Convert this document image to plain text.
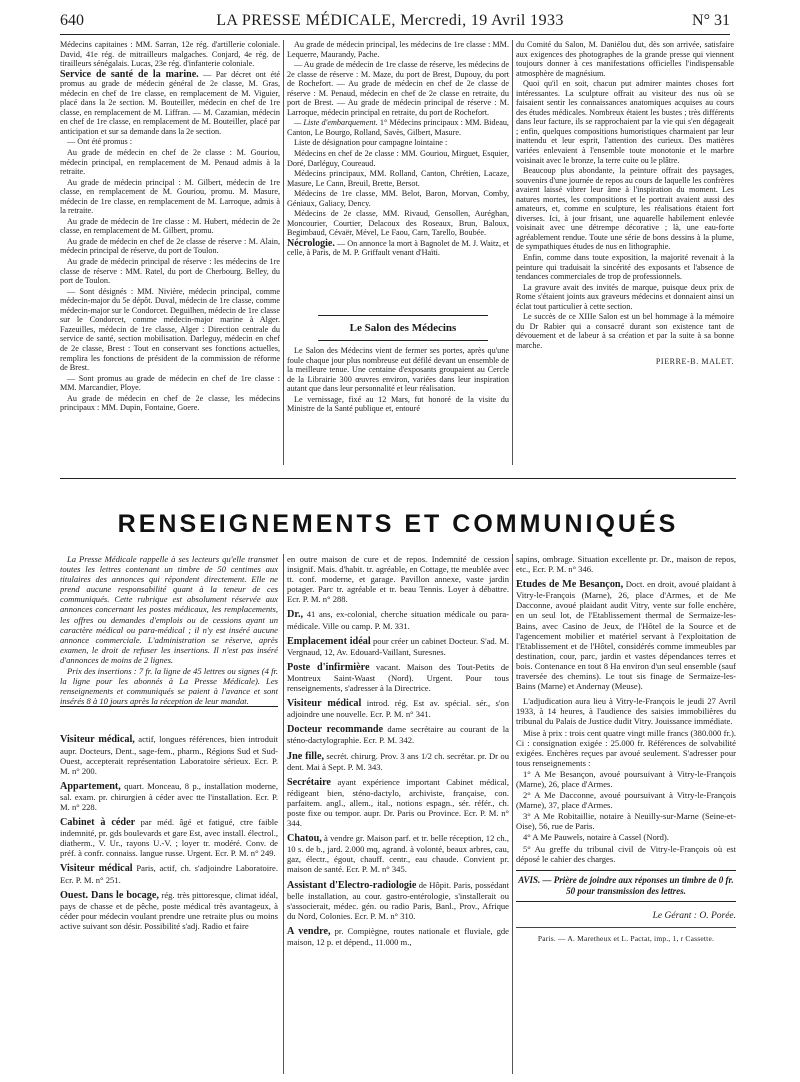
640	LA PRESSE MÉDICALE, Mercredi, 19 Avril 1933	N° 31

Médecins capitaines : MM. Sarran, 12e rég. d'artillerie coloniale. David, 41e rég. de mitrailleurs malgaches. Conjard, 4e rég. de tirailleurs sénégalais. Lucas, 23e rég. d'infanterie coloniale.

Service de santé de la marine. — Par décret ont été promus au grade de médecin général de 2e classe, M. Gras, médecin en chef de 1re classe, en remplacement de M. Viguier, placé dans la 2e section. M. Bouteiller, médecin en chef de 1re classe, en remplacement de M. Liffran. — M. Cazamian, médecin en chef de 1re classe, en remplacement de M. Bouteiller, placé par anticipation et sur sa demande dans la 2e section.

— Ont été promus :

Au grade de médecin en chef de 2e classe : M. Gouriou, médecin principal, en remplacement de M. Penaud admis à la retraite.

Au grade de médecin principal : M. Gilbert, médecin de 1re classe, en remplacement de M. Gouriou, promu. M. Masure, médecin de 1re classe, en remplacement de M. Larroque, admis à la retraite.

Au grade de médecin de 1re classe : M. Hubert, médecin de 2e classe, en remplacement de M. Gilbert, promu.

Au grade de médecin en chef de 2e classe de réserve : M. Alain, médecin principal de réserve, du port de Toulon.

Au grade de médecin principal de réserve : les médecins de 1re classe de réserve : MM. Ratel, du port de Cherbourg. Belley, du port de Toulon.

— Sont désignés : MM. Nivière, médecin principal, comme médecin-major du 5e dépôt. Duval, médecin de 1re classe, comme médecin-major sur le Condorcet. Deguilhen, médecin de 1re classe sur le Condorcet, comme médecin-major marine à Alger. Fazeuilles, médecin de 1re classe, Alger : Direction centrale du service de santé, section mobilisation. Darleguy, médecin en chef de 2e classe, Brest : Tout en conservant ses fonctions actuelles, remplira les fonctions de président de la commission de réforme de Brest.

— Sont promus au grade de médecin en chef de 1re classe : MM. Marcandier, Ploye.

Au grade de médecin en chef de 2e classe, les médecins principaux : MM. Dupin, Fontaine, Goere.

Au grade de médecin principal, les médecins de 1re classe : MM. Lequerre, Maurandy, Pache.

— Au grade de médecin de 1re classe de réserve, les médecins de 2e classe de réserve : M. Maze, du port de Brest, Dupouy, du port de Rochefort. — Au grade de médecin en chef de 2e classe de réserve : M. Penaud, médecin en chef de 2e classe en retraite, du port de Brest. — Au grade de médecin principal de réserve : M. Larroque, médecin principal en retraite, du port de Rochefort.

— Liste d'embarquement. 1° Médecins principaux : MM. Bideau, Canton, Le Bourgo, Rolland, Savès, Gilbert, Masure.

Liste de désignation pour campagne lointaine :

Médecins en chef de 2e classe : MM. Gouriou, Mirguet, Esquier, Doré, Darléguy, Coureaud.

Médecins principaux, MM. Rolland, Canton, Chrétien, Lacaze, Masure, Le Cann, Breuil, Brette, Bersot.

Médecins de 1re classe, MM. Belot, Baron, Morvan, Comby, Géniaux, Galiacy, Dency.

Médecins de 2e classe, MM. Rivaud, Gensollen, Auréghan, Moncourier, Courtier, Delacoux des Roseaux, Brun, Baloux, Begimbaud, Cévaër, Mével, Le Faou, Carn, Tarello, Boubée.

Nécrologie. — On annonce la mort à Bagnolet de M. J. Waitz, et celle, à Paris, de M. P. Griffault venant d'Haïti.

Le Salon des Médecins

Le Salon des Médecins vient de fermer ses portes, après qu'une foule chaque jour plus nombreuse eut défilé devant un ensemble de la meilleure tenue. Une centaine d'exposants groupaient au Cercle de la Librairie 300 œuvres environ, variées dans leur inspiration autant que dans leur personnalité et leur réalisation.

Le vernissage, fixé au 12 Mars, fut honoré de la visite du Ministre de la Santé publique et, entouré

du Comité du Salon, M. Daniélou dut, dès son arrivée, satisfaire aux exigences des photographes de la grande presse qui viennent toujours donner à ces manifestations officielles l'indispensable atmosphère de magnésium.

Quoi qu'il en soit, chacun put admirer maintes choses fort intéressantes. La sculpture offrait au visiteur des nus où se faisaient sentir les connaissances anatomiques acquises au cours des études médicales. Nombreux étaient les bustes ; très différents dans leur facture, ils se rapprochaient par la vie qui s'en dégageait ; enfin, quelques compositions humoristiques charmaient par leur inattendu et leur esprit, l'attention des curieux. Des matières variées enlevaient à l'ensemble toute monotonie et le marbre voisinait avec le bronze, la terre cuite ou le plâtre.

Beaucoup plus abondante, la peinture offrait des paysages, souvenirs d'une journée de repos au cours de laquelle les confrères avaient laissé vibrer leur âme à l'inspiration du moment. Les natures mortes, les compositions et le portrait avaient aussi des amateurs, et, comme en sculpture, les réalisations étaient fort diverses. Ici, à jour frisant, une aquarelle habilement enlevée voisinait avec une détrempe décorative ; là, une eau-forte agréablement rendue. Toute une série de bons dessins à la plume, de sympathiques études de nus en lithographie.

Enfin, comme dans toute exposition, la majorité revenait à la peinture qui traduisait la sincérité des exposants et l'absence de tendances commerciales de trop de professionnels.

La gravure avait des invités de marque, puisque deux prix de Rome s'étaient joints aux graveurs médecins et donnaient ainsi un éclat tout particulier à cette section.

Le succès de ce XIIIe Salon est un bel hommage à la mémoire du Dr Rabier qui a consacré durant son existence tant de dévouement et de labeur à sa création et par la suite à sa bonne marche.

PIERRE-B. MALET.
RENSEIGNEMENTS ET COMMUNIQUÉS

La Presse Médicale rappelle à ses lecteurs qu'elle transmet toutes les lettres contenant un timbre de 50 centimes aux titulaires des annonces qui répondent directement. Elle ne prend aucune responsabilité quant à la teneur de ces communiqués. Cette rubrique est absolument réservée aux annonces concernant les postes médicaux, les remplacements, les offres ou demandes d'emplois ou de cessions ayant un caractère médical ou para-médical ; il n'y est inséré aucune annonce commerciale. L'administration se réserve, après examen, le droit de refuser les insertions. Il n'est pas inséré d'annonces de moins de 2 lignes.

Prix des insertions : 7 fr. la ligne de 45 lettres ou signes (4 fr. la ligne pour les abonnés à La Presse Médicale). Les renseignements et communiqués se paient à l'avance et sont insérés 8 à 10 jours après la réception de leur mandat.

Visiteur médical, actif, longues références, bien introduit aupr. Docteurs, Dent., sage-fem., pharm., Régions Sud et Sud-Ouest, accepterait représentation Laboratoire sérieux. Ecr. P. M. n° 200.

Appartement, quart. Monceau, 8 p., installation moderne, sal. exam. pr. chirurgien à céder avec tte l'installation. Ecr. P. M. n° 228.

Cabinet à céder par méd. âgé et fatigué, ctre faible indemnité, pr. gds boulevards et gare Est, avec install. électrol., diatherm., V. Ur., rayons U.-V. ; loyer tr. modéré. Conv. de préf. à confr. connaiss. langue russe. Urgent. Ecr. P. M. n° 249.

Visiteur médical Paris, actif, ch. s'adjoindre Laboratoire. Ecr. P. M. n° 251.

Ouest. Dans le bocage, rég. très pittoresque, climat idéal, pays de chasse et de pêche, poste médical très avantageux, à céder pour médecin voulant prendre une retraite plus ou moins active suivant son désir. Possibilité s'adj. Radio et faire

en outre maison de cure et de repos. Indemnité de cession insignif. Mais. d'habit. tr. agréable, en Cottage, tte meublée avec tt. conf. moderne, et garage. Pavillon annexe, vaste jardin potager. Parc tr. agréable et tr. beau Tennis. Loyer à débattre. Ecr. P. M. n° 288.

Dr., 41 ans, ex-colonial, cherche situation médicale ou para-médicale. Ville ou camp. P. M. 331.

Emplacement idéal pour créer un cabinet Docteur. S'ad. M. Vergnaud, 12, Av. Edouard-Vaillant, Suresnes.

Poste d'infirmière vacant. Maison des Tout-Petits de Montreux Saint-Waast (Nord). Urgent. Pour tous renseignements, s'adresser à la Directrice.

Visiteur médical introd. rég. Est av. spécial. sér., s'on adjoindre une nouvelle. Ecr. P. M. n° 341.

Docteur recommande dame secrétaire au courant de la sténo-dactylographie. Ecr. P. M. 342.

Jne fille, secrét. chirurg. Prov. 3 ans 1/2 ch. secrétar. pr. Dr ou dent. Mai à Sept. P. M. 343.

Secrétaire ayant expérience important Cabinet médical, rédigeant bien, sténo-dactylo, archiviste, française, con. parfaitem. angl., allem., ital., notions espagn., sér. référ., ch. poste fixe ou tempor. aupr. Dr. Paris ou Province. Ecr. P. M. n° 344.

Chatou, à vendre gr. Maison parf. et tr. belle réception, 12 ch., 10 s. de b., jard. 2.000 mq, agrand. à volonté, beaux arbres, cau, gaz, électr., égout, chauff. centr., eau chaude. Convient pr. maison de santé. Ecr. P. M. n° 345.

Assistant d'Electro-radiologie de Hôpit. Paris, possédant belle installation, au cour. gastro-entérologie, s'installerait ou s'associerait, médec. gén. ou radio Paris, Banl., Prov., Afrique du Nord, Colonies. Ecr. P. M. n° 310.

A vendre, pr. Compiègne, routes nationale et fluviale, gde maison, 12 p. et dépend., 11.000 m.,

sapins, ombrage. Situation excellente pr. Dr., maison de repos, etc., Ecr. P. M. n° 346.

Etudes de Me Besançon, Doct. en droit, avoué plaidant à Vitry-le-François (Marne), 26, place d'Armes, et de Me Dacconne, avoué plaidant audit Vitry, vente sur folle enchère, en un seul lot, de l'Etablissement thermal de Sermaize-les-Bains, avec Casino de Jeux, de l'Hôtel de la Source et de l'agencement mobilier et matériel servant à l'exploitation de l'Etablissement et de l'Hôtel, considérés comme immeubles par destination, cour, parc, jardin et vastes dépendances terres et bois. Contenance en tout 8 Ha environ d'un seul ensemble (sauf traversée des chemins). Le tout sis finage de Sermaize-les-Bains (Marne) et Andernay (Meuse).

L'adjudication aura lieu à Vitry-le-François le jeudi 27 Avril 1933, à 14 heures, à l'audience des saisies immobilières du tribunal du Palais de Justice dudit Vitry. Jouissance immédiate.

Mise à prix : trois cent quatre vingt mille francs (380.000 fr.). Ci : consignation exigée : 25.000 fr. Références de solvabilité exigées. Enchères reçues par avoué seulement. S'adresser pour tous renseignements :

1° A Me Besançon, avoué poursuivant à Vitry-le-François (Marne), 26, place d'Armes.

2° A Me Dacconne, avoué poursuivant à Vitry-le-François (Marne), 37, place d'Armes.

3° A Me Robitaillie, notaire à Neuilly-sur-Marne (Seine-et-Oise), 56, rue de Paris.

4° A Me Pauwels, notaire à Cassel (Nord).

5° Au greffe du tribunal civil de Vitry-le-François où est déposé le cahier des charges.

AVIS. — Prière de joindre aux réponses un timbre de 0 fr. 50 pour transmission des lettres.
Le Gérant : O. Porée.
Paris. — A. Maretheux et L. Pactat, imp., 1, r Cassette.
